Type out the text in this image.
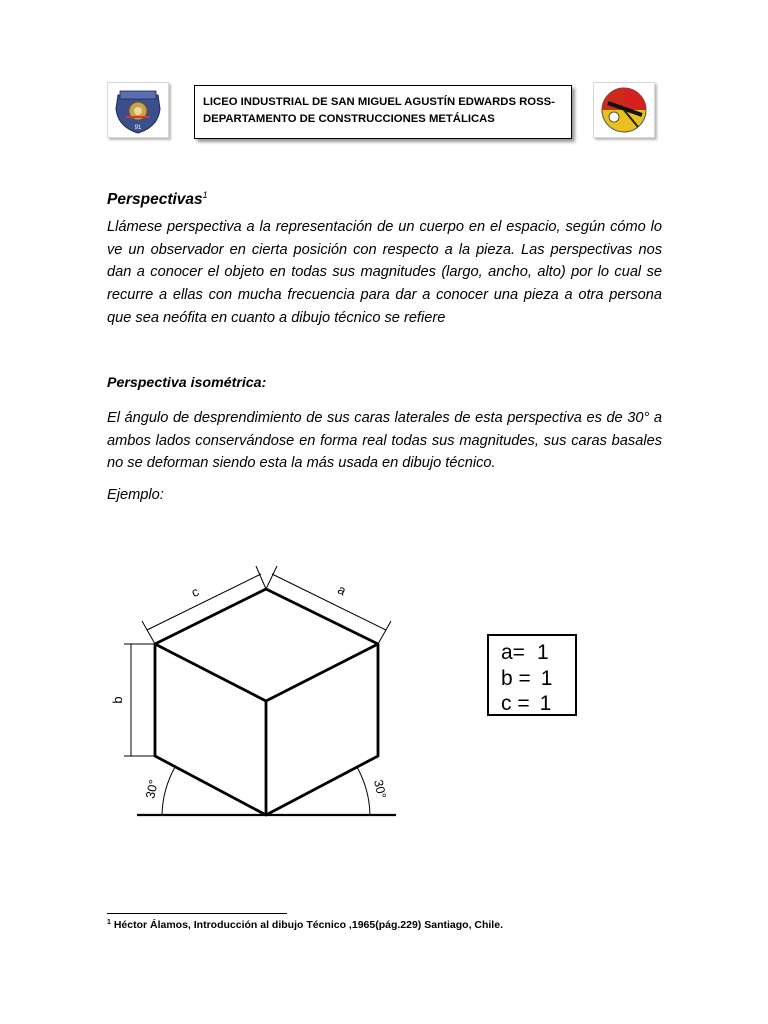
91
LICEO INDUSTRIAL DE SAN MIGUEL AGUSTÍN EDWARDS ROSS-
DEPARTAMENTO DE CONSTRUCCIONES METÁLICAS
Perspectivas$^1$

Llámese perspectiva a la representación de un cuerpo en el espacio, según cómo lo ve un observador en cierta posición con respecto a la pieza. Las perspectivas nos dan a conocer el objeto en todas sus magnitudes (largo, ancho, alto) por lo cual se recurre a ellas con mucha frecuencia para dar a conocer una pieza a otra persona que sea neófita en cuanto a dibujo técnico se refiere

Perspectiva isométrica:

El ángulo de desprendimiento de sus caras laterales de esta perspectiva es de 30° a ambos lados conservándose en forma real todas sus magnitudes, sus caras basales no se deforman siendo esta la más usada en dibujo técnico.

Ejemplo:
c	a
b
30°	30°
a= 1
b = 1
c = 1
$^1$ Héctor Álamos, Introducción al dibujo Técnico ,1965(pág.229) Santiago, Chile.
